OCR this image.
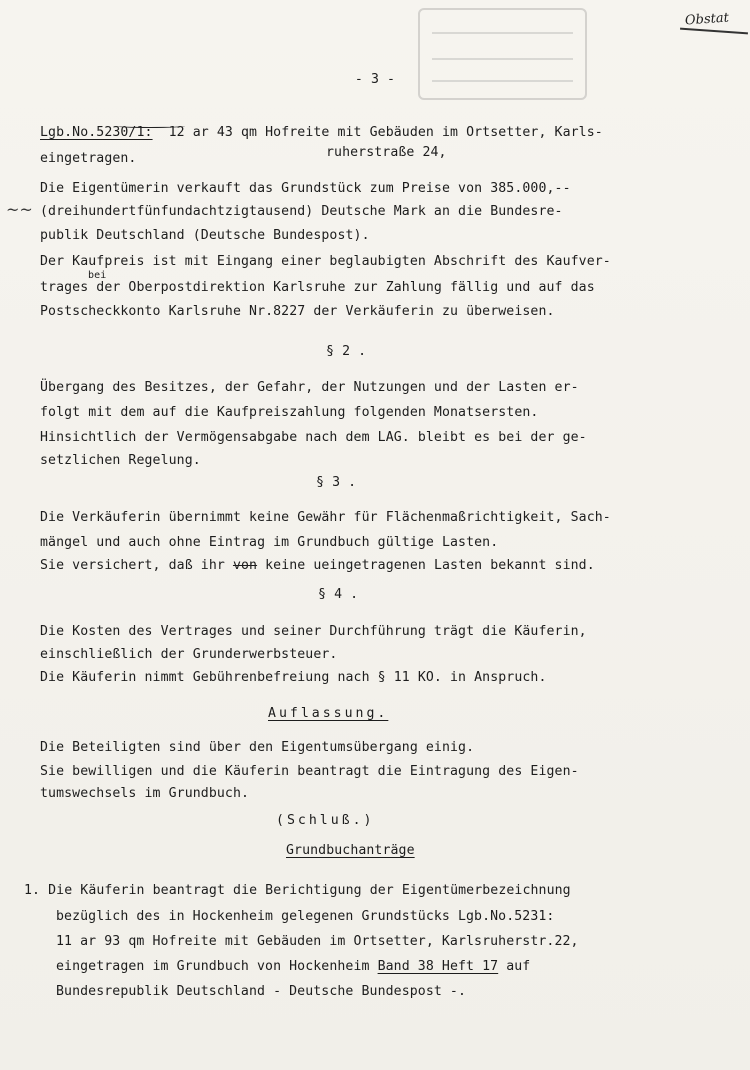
Obstat
- 3 -
Lgb.No.5230/1:  12 ar 43 qm Hofreite mit Gebäuden im Ortsetter, Karls-
eingetragen.	ruherstraße 24,
Die Eigentümerin verkauft das Grundstück zum Preise von 385.000,--
~~ (dreihundertfünfundachtzigtausend) Deutsche Mark an die Bundesre-
publik Deutschland (Deutsche Bundespost).
Der Kaufpreis ist mit Eingang einer beglaubigten Abschrift des Kaufver-
bei
trages der Oberpostdirektion Karlsruhe zur Zahlung fällig und auf das
Postscheckkonto Karlsruhe Nr.8227 der Verkäuferin zu überweisen.
§ 2 .
Übergang des Besitzes, der Gefahr, der Nutzungen und der Lasten er-
folgt mit dem auf die Kaufpreiszahlung folgenden Monatsersten.
Hinsichtlich der Vermögensabgabe nach dem LAG. bleibt es bei der ge-
setzlichen Regelung.
§ 3 .
Die Verkäuferin übernimmt keine Gewähr für Flächenmaßrichtigkeit, Sach-
mängel und auch ohne Eintrag im Grundbuch gültige Lasten.
Sie versichert, daß ihr von keine ueingetragenen Lasten bekannt sind.
§ 4 .
Die Kosten des Vertrages und seiner Durchführung trägt die Käuferin,
einschließlich der Grunderwerbsteuer.
Die Käuferin nimmt Gebührenbefreiung nach § 11 KO. in Anspruch.
Auflassung.
Die Beteiligten sind über den Eigentumsübergang einig.
Sie bewilligen und die Käuferin beantragt die Eintragung des Eigen-
tumswechsels im Grundbuch.
(Schluß.)
Grundbuchanträge
1. Die Käuferin beantragt die Berichtigung der Eigentümerbezeichnung
bezüglich des in Hockenheim gelegenen Grundstücks Lgb.No.5231:
11 ar 93 qm Hofreite mit Gebäuden im Ortsetter, Karlsruherstr.22,
eingetragen im Grundbuch von Hockenheim Band 38 Heft 17 auf
Bundesrepublik Deutschland - Deutsche Bundespost -.
